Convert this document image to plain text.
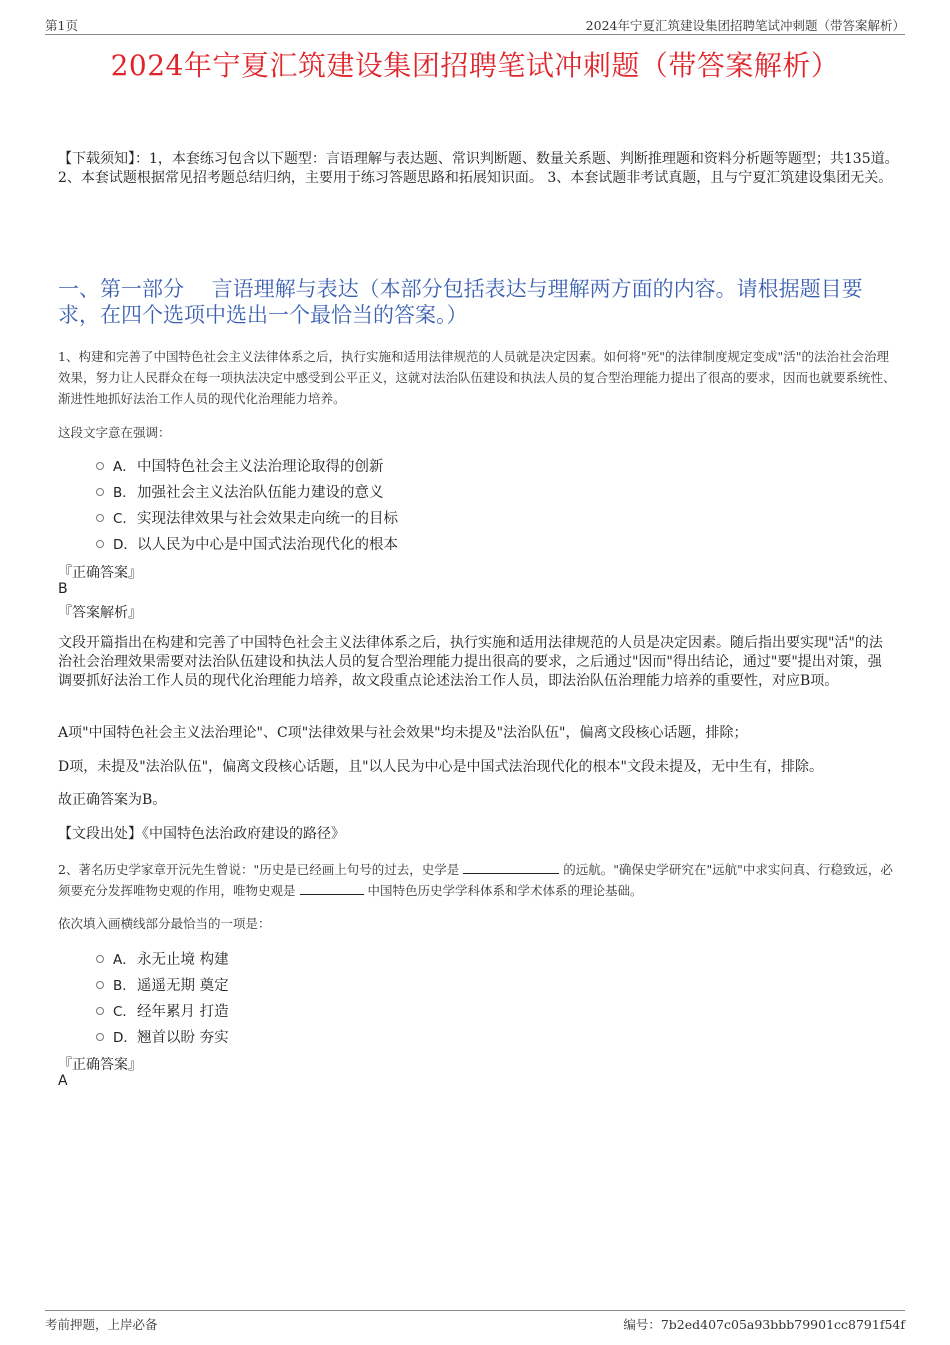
第1页	2024年宁夏汇筑建设集团招聘笔试冲刺题（带答案解析）
2024年宁夏汇筑建设集团招聘笔试冲刺题（带答案解析）
【下载须知】：1，本套练习包含以下题型：言语理解与表达题、常识判断题、数量关系题、判断推理题和资料分析题等题型；共135道。 2、本套试题根据常见招考题总结归纳，主要用于练习答题思路和拓展知识面。 3、本套试题非考试真题，且与宁夏汇筑建设集团无关。
一、第一部分　 言语理解与表达（本部分包括表达与理解两方面的内容。请根据题目要求，在四个选项中选出一个最恰当的答案。）
1、构建和完善了中国特色社会主义法律体系之后，执行实施和适用法律规范的人员就是决定因素。如何将"死"的法律制度规定变成"活"的法治社会治理效果，努力让人民群众在每一项执法决定中感受到公平正义，这就对法治队伍建设和执法人员的复合型治理能力提出了很高的要求，因而也就要系统性、渐进性地抓好法治工作人员的现代化治理能力培养。
这段文字意在强调：
A． 中国特色社会主义法治理论取得的创新
B． 加强社会主义法治队伍能力建设的意义
C． 实现法律效果与社会效果走向统一的目标
D． 以人民为中心是中国式法治现代化的根本
『正确答案』
B
『答案解析』
文段开篇指出在构建和完善了中国特色社会主义法律体系之后，执行实施和适用法律规范的人员是决定因素。随后指出要实现"活"的法治社会治理效果需要对法治队伍建设和执法人员的复合型治理能力提出很高的要求，之后通过"因而"得出结论，通过"要"提出对策，强调要抓好法治工作人员的现代化治理能力培养，故文段重点论述法治工作人员，即法治队伍治理能力培养的重要性，对应B项。
A项"中国特色社会主义法治理论"、C项"法律效果与社会效果"均未提及"法治队伍"，偏离文段核心话题，排除；
D项，未提及"法治队伍"，偏离文段核心话题，且"以人民为中心是中国式法治现代化的根本"文段未提及，无中生有，排除。
故正确答案为B。
【文段出处】《中国特色法治政府建设的路径》
2、著名历史学家章开沅先生曾说："历史是已经画上句号的过去，史学是	的远航。"确保史学研究在"远航"中求实问真、行稳致远，必须要充分发挥唯物史观的作用，唯物史观是	中国特色历史学学科体系和学术体系的理论基础。
依次填入画横线部分最恰当的一项是：
A． 永无止境 构建
B． 遥遥无期 奠定
C． 经年累月 打造
D． 翘首以盼 夯实
『正确答案』
A
考前押题，上岸必备	编号：7b2ed407c05a93bbb79901cc8791f54f
